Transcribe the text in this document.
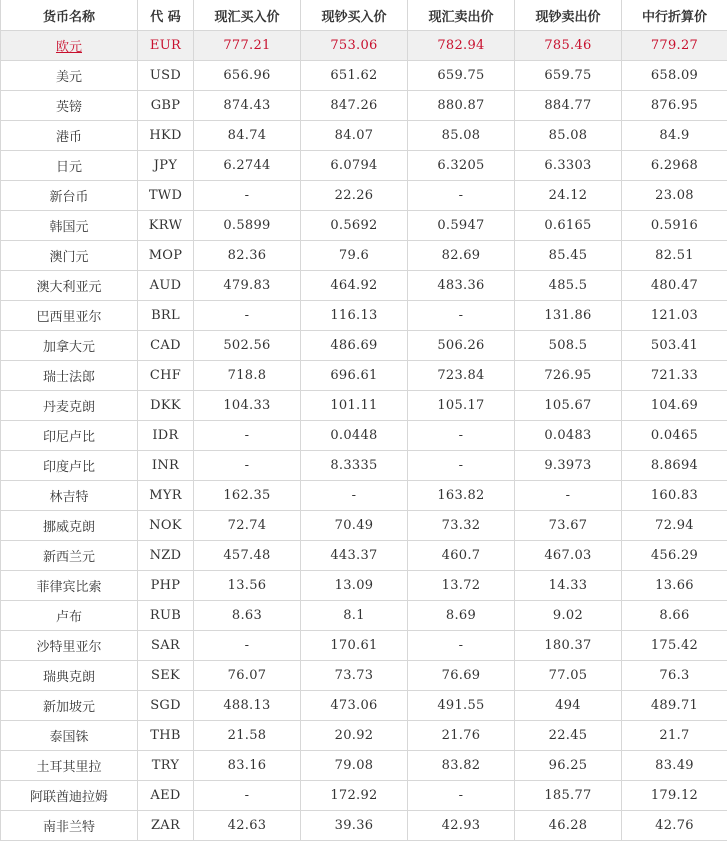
货币名称	代 码	现汇买入价	现钞买入价	现汇卖出价	现钞卖出价	中行折算价
欧元	EUR	777.21	753.06	782.94	785.46	779.27
美元	USD	656.96	651.62	659.75	659.75	658.09
英镑	GBP	874.43	847.26	880.87	884.77	876.95
港币	HKD	84.74	84.07	85.08	85.08	84.9
日元	JPY	6.2744	6.0794	6.3205	6.3303	6.2968
新台币	TWD	-	22.26	-	24.12	23.08
韩国元	KRW	0.5899	0.5692	0.5947	0.6165	0.5916
澳门元	MOP	82.36	79.6	82.69	85.45	82.51
澳大利亚元	AUD	479.83	464.92	483.36	485.5	480.47
巴西里亚尔	BRL	-	116.13	-	131.86	121.03
加拿大元	CAD	502.56	486.69	506.26	508.5	503.41
瑞士法郎	CHF	718.8	696.61	723.84	726.95	721.33
丹麦克朗	DKK	104.33	101.11	105.17	105.67	104.69
印尼卢比	IDR	-	0.0448	-	0.0483	0.0465
印度卢比	INR	-	8.3335	-	9.3973	8.8694
林吉特	MYR	162.35	-	163.82	-	160.83
挪威克朗	NOK	72.74	70.49	73.32	73.67	72.94
新西兰元	NZD	457.48	443.37	460.7	467.03	456.29
菲律宾比索	PHP	13.56	13.09	13.72	14.33	13.66
卢布	RUB	8.63	8.1	8.69	9.02	8.66
沙特里亚尔	SAR	-	170.61	-	180.37	175.42
瑞典克朗	SEK	76.07	73.73	76.69	77.05	76.3
新加坡元	SGD	488.13	473.06	491.55	494	489.71
泰国铢	THB	21.58	20.92	21.76	22.45	21.7
土耳其里拉	TRY	83.16	79.08	83.82	96.25	83.49
阿联酋迪拉姆	AED	-	172.92	-	185.77	179.12
南非兰特	ZAR	42.63	39.36	42.93	46.28	42.76
